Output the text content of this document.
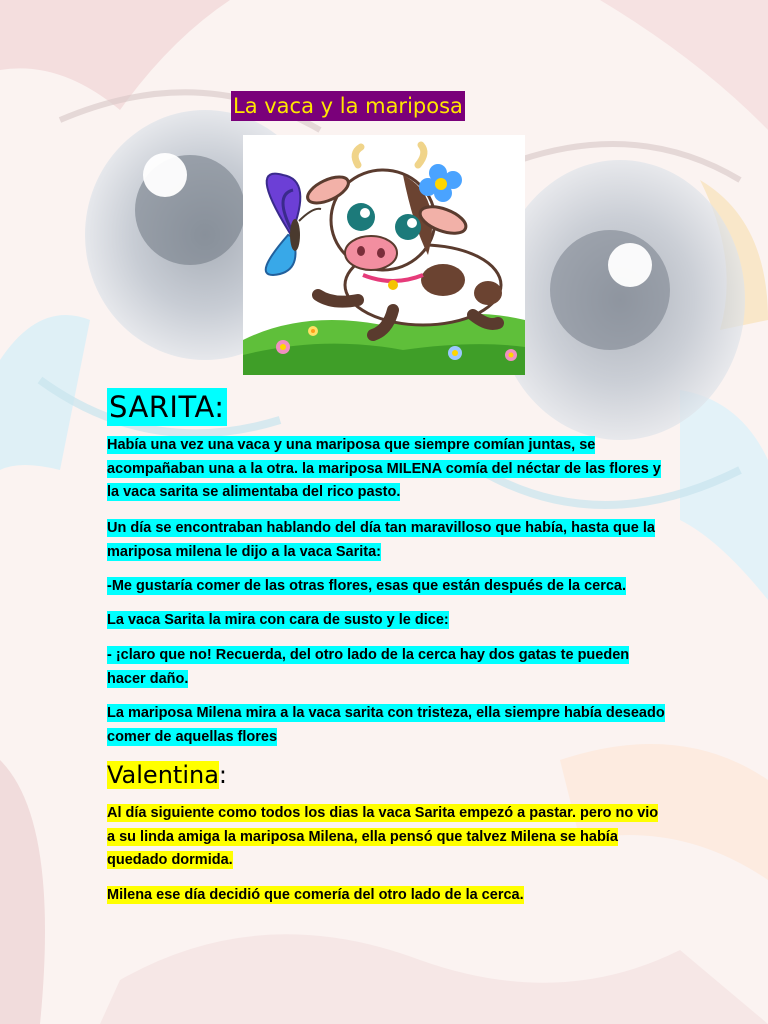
La vaca y la mariposa
SARITA:

Había una vez una vaca y una mariposa que siempre comían juntas, se acompañaban una a la otra. la mariposa MILENA comía del néctar de las flores y la vaca sarita se alimentaba del rico pasto.

Un día se encontraban hablando del día tan maravilloso que había, hasta que la mariposa milena le dijo a la vaca Sarita:

-Me gustaría comer de las otras flores, esas que están después de la cerca.

La vaca Sarita la mira con cara de susto y le dice:

- ¡claro que no! Recuerda, del otro lado de la cerca hay dos gatas te pueden hacer daño.

La mariposa Milena mira a la vaca sarita con tristeza, ella siempre había deseado comer de aquellas flores

Valentina:

Al día siguiente como todos los dias la vaca Sarita empezó a pastar. pero no vio a su linda amiga la mariposa Milena, ella pensó que talvez Milena se había quedado dormida.

Milena ese día decidió que comería del otro lado de la cerca.
